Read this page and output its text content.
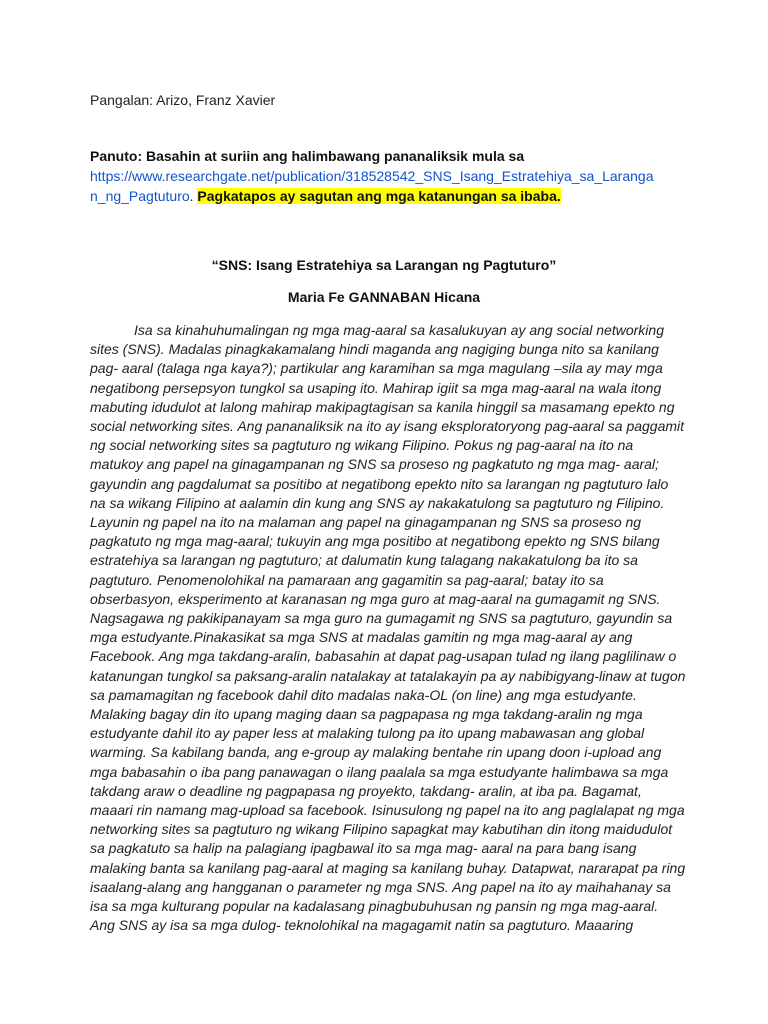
Pangalan: Arizo, Franz Xavier
Panuto: Basahin at suriin ang halimbawang pananaliksik mula sa
https://www.researchgate.net/publication/318528542_SNS_Isang_Estratehiya_sa_Laranga
n_ng_Pagtuturo. Pagkatapos ay sagutan ang mga katanungan sa ibaba.
“SNS: Isang Estratehiya sa Larangan ng Pagtuturo”
Maria Fe GANNABAN Hicana
Isa sa kinahuhumalingan ng mga mag-aaral sa kasalukuyan ay ang social networking
sites (SNS). Madalas pinagkakamalang hindi maganda ang nagiging bunga nito sa kanilang
pag- aaral (talaga nga kaya?); partikular ang karamihan sa mga magulang –sila ay may mga
negatibong persepsyon tungkol sa usaping ito. Mahirap igiit sa mga mag-aaral na wala itong
mabuting idudulot at lalong mahirap makipagtagisan sa kanila hinggil sa masamang epekto ng
social networking sites. Ang pananaliksik na ito ay isang eksploratoryong pag-aaral sa paggamit
ng social networking sites sa pagtuturo ng wikang Filipino. Pokus ng pag-aaral na ito na
matukoy ang papel na ginagampanan ng SNS sa proseso ng pagkatuto ng mga mag- aaral;
gayundin ang pagdalumat sa positibo at negatibong epekto nito sa larangan ng pagtuturo lalo
na sa wikang Filipino at aalamin din kung ang SNS ay nakakatulong sa pagtuturo ng Filipino.
Layunin ng papel na ito na malaman ang papel na ginagampanan ng SNS sa proseso ng
pagkatuto ng mga mag-aaral; tukuyin ang mga positibo at negatibong epekto ng SNS bilang
estratehiya sa larangan ng pagtuturo; at dalumatin kung talagang nakakatulong ba ito sa
pagtuturo. Penomenolohikal na pamaraan ang gagamitin sa pag-aaral; batay ito sa
obserbasyon, eksperimento at karanasan ng mga guro at mag-aaral na gumagamit ng SNS.
Nagsagawa ng pakikipanayam sa mga guro na gumagamit ng SNS sa pagtuturo, gayundin sa
mga estudyante.Pinakasikat sa mga SNS at madalas gamitin ng mga mag-aaral ay ang
Facebook. Ang mga takdang-aralin, babasahin at dapat pag-usapan tulad ng ilang paglilinaw o
katanungan tungkol sa paksang-aralin natalakay at tatalakayin pa ay nabibigyang-linaw at tugon
sa pamamagitan ng facebook dahil dito madalas naka-OL (on line) ang mga estudyante.
Malaking bagay din ito upang maging daan sa pagpapasa ng mga takdang-aralin ng mga
estudyante dahil ito ay paper less at malaking tulong pa ito upang mabawasan ang global
warming. Sa kabilang banda, ang e-group ay malaking bentahe rin upang doon i-upload ang
mga babasahin o iba pang panawagan o ilang paalala sa mga estudyante halimbawa sa mga
takdang araw o deadline ng pagpapasa ng proyekto, takdang- aralin, at iba pa. Bagamat,
maaari rin namang mag-upload sa facebook. Isinusulong ng papel na ito ang paglalapat ng mga
networking sites sa pagtuturo ng wikang Filipino sapagkat may kabutihan din itong maidudulot
sa pagkatuto sa halip na palagiang ipagbawal ito sa mga mag- aaral na para bang isang
malaking banta sa kanilang pag-aaral at maging sa kanilang buhay. Datapwat, nararapat pa ring
isaalang-alang ang hangganan o parameter ng mga SNS. Ang papel na ito ay maihahanay sa
isa sa mga kulturang popular na kadalasang pinagbubuhusan ng pansin ng mga mag-aaral.
Ang SNS ay isa sa mga dulog- teknolohikal na magagamit natin sa pagtuturo. Maaaring
